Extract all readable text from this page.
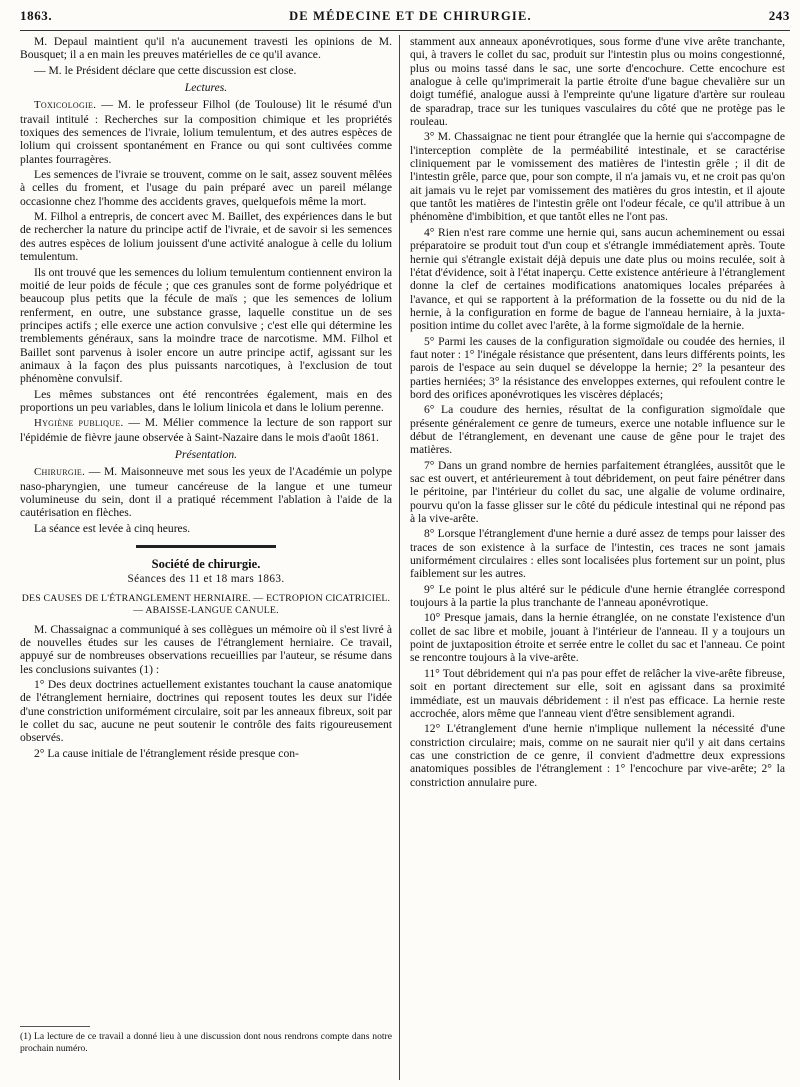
1863.	DE MÉDECINE ET DE CHIRURGIE.	243

M. Depaul maintient qu'il n'a aucunement travesti les opinions de M. Bousquet; il a en main les preuves matérielles de ce qu'il avance.

— M. le Président déclare que cette discussion est close.

Lectures.

Toxicologie. — M. le professeur Filhol (de Toulouse) lit le résumé d'un travail intitulé : Recherches sur la composition chimique et les propriétés toxiques des semences de l'ivraie, lolium temulentum, et des autres espèces de lolium qui croissent spontanément en France ou qui sont cultivées comme plantes fourragères.

Les semences de l'ivraie se trouvent, comme on le sait, assez souvent mêlées à celles du froment, et l'usage du pain préparé avec un pareil mélange occasionne chez l'homme des accidents graves, quelquefois même la mort.

M. Filhol a entrepris, de concert avec M. Baillet, des expériences dans le but de rechercher la nature du principe actif de l'ivraie, et de savoir si les semences des autres espèces de lolium jouissent d'une activité analogue à celle du lolium temulentum.

Ils ont trouvé que les semences du lolium temulentum contiennent environ la moitié de leur poids de fécule ; que ces granules sont de forme polyédrique et beaucoup plus petits que la fécule de maïs ; que les semences de lolium renferment, en outre, une substance grasse, laquelle constitue un de ses principes actifs ; elle exerce une action convulsive ; c'est elle qui détermine les tremblements généraux, sans la moindre trace de narcotisme. MM. Filhol et Baillet sont parvenus à isoler encore un autre principe actif, agissant sur les animaux à la façon des plus puissants narcotiques, à l'exclusion de tout phénomène convulsif.

Les mêmes substances ont été rencontrées également, mais en des proportions un peu variables, dans le lolium linicola et dans le lolium perenne.

Hygiène publique. — M. Mélier commence la lecture de son rapport sur l'épidémie de fièvre jaune observée à Saint-Nazaire dans le mois d'août 1861.

Présentation.

Chirurgie. — M. Maisonneuve met sous les yeux de l'Académie un polype naso-pharyngien, une tumeur cancéreuse de la langue et une tumeur volumineuse du sein, dont il a pratiqué récemment l'ablation à l'aide de la cautérisation en flèches.

La séance est levée à cinq heures.

Société de chirurgie.

Séances des 11 et 18 mars 1863.

DES CAUSES DE L'ÉTRANGLEMENT HERNIAIRE. — ECTROPION CICATRICIEL. — ABAISSE-LANGUE CANULE.

M. Chassaignac a communiqué à ses collègues un mémoire où il s'est livré à de nouvelles études sur les causes de l'étranglement herniaire. Ce travail, appuyé sur de nombreuses observations recueillies par l'auteur, se résume dans les conclusions suivantes (1) :

1° Des deux doctrines actuellement existantes touchant la cause anatomique de l'étranglement herniaire, doctrines qui reposent toutes les deux sur l'idée d'une constriction uniformément circulaire, soit par les anneaux fibreux, soit par le collet du sac, aucune ne peut soutenir le contrôle des faits rigoureusement observés.

2° La cause initiale de l'étranglement réside presque con-

(1) La lecture de ce travail a donné lieu à une discussion dont nous rendrons compte dans notre prochain numéro.

stamment aux anneaux aponévrotiques, sous forme d'une vive arête tranchante, qui, à travers le collet du sac, produit sur l'intestin plus ou moins congestionné, plus ou moins tassé dans le sac, une sorte d'encochure. Cette encochure est analogue à celle qu'imprimerait la partie étroite d'une bague chevalière sur un doigt tuméfié, analogue aussi à l'empreinte qu'une ligature d'artère sur rouleau de sparadrap, trace sur les tuniques vasculaires du côté que ne protège pas le rouleau.

3° M. Chassaignac ne tient pour étranglée que la hernie qui s'accompagne de l'interception complète de la perméabilité intestinale, et se caractérise cliniquement par le vomissement des matières de l'intestin grêle ; il dit de l'intestin grêle, parce que, pour son compte, il n'a jamais vu, et ne croit pas qu'on ait jamais vu le rejet par vomissement des matières du gros intestin, et il ajoute que tantôt les matières de l'intestin grêle ont l'odeur fécale, ce qu'il attribue à un phénomène d'imbibition, et que tantôt elles ne l'ont pas.

4° Rien n'est rare comme une hernie qui, sans aucun acheminement ou essai préparatoire se produit tout d'un coup et s'étrangle immédiatement après. Toute hernie qui s'étrangle existait déjà depuis une date plus ou moins reculée, soit à l'état d'évidence, soit à l'état inaperçu. Cette existence antérieure à l'étranglement donne la clef de certaines modifications anatomiques locales préparées à l'avance, et qui se rapportent à la préformation de la fossette ou du nid de la hernie, à la configuration en forme de bague de l'anneau herniaire, à la juxta-position intime du collet avec l'arête, à la forme sigmoïdale de la hernie.

5° Parmi les causes de la configuration sigmoïdale ou coudée des hernies, il faut noter : 1° l'inégale résistance que présentent, dans leurs différents points, les parois de l'espace au sein duquel se développe la hernie; 2° la pesanteur des parties herniées; 3° la résistance des enveloppes externes, qui refoulent contre le bord des orifices aponévrotiques les viscères déplacés;

6° La coudure des hernies, résultat de la configuration sigmoïdale que présente généralement ce genre de tumeurs, exerce une notable influence sur le début de l'étranglement, en devenant une cause de gêne pour le trajet des matières.

7° Dans un grand nombre de hernies parfaitement étranglées, aussitôt que le sac est ouvert, et antérieurement à tout débridement, on peut faire pénétrer dans le péritoine, par l'intérieur du collet du sac, une algalie de volume ordinaire, pourvu qu'on la fasse glisser sur le côté du pédicule intestinal qui ne répond pas à la vive-arête.

8° Lorsque l'étranglement d'une hernie a duré assez de temps pour laisser des traces de son existence à la surface de l'intestin, ces traces ne sont jamais uniformément circulaires : elles sont localisées plus fortement sur un point, plus faiblement sur les autres.

9° Le point le plus altéré sur le pédicule d'une hernie étranglée correspond toujours à la partie la plus tranchante de l'anneau aponévrotique.

10° Presque jamais, dans la hernie étranglée, on ne constate l'existence d'un collet de sac libre et mobile, jouant à l'intérieur de l'anneau. Il y a toujours un point de juxtaposition étroite et serrée entre le collet du sac et l'anneau. Ce point se rencontre toujours à la vive-arête.

11° Tout débridement qui n'a pas pour effet de relâcher la vive-arête fibreuse, soit en portant directement sur elle, soit en agissant dans sa proximité immédiate, est un mauvais débridement : il n'est pas efficace. La hernie reste accrochée, alors même que l'anneau vient d'être sensiblement agrandi.

12° L'étranglement d'une hernie n'implique nullement la nécessité d'une constriction circulaire; mais, comme on ne saurait nier qu'il y ait dans certains cas une constriction de ce genre, il convient d'admettre deux expressions anatomiques possibles de l'étranglement : 1° l'encochure par vive-arête; 2° la constriction annulaire pure.
